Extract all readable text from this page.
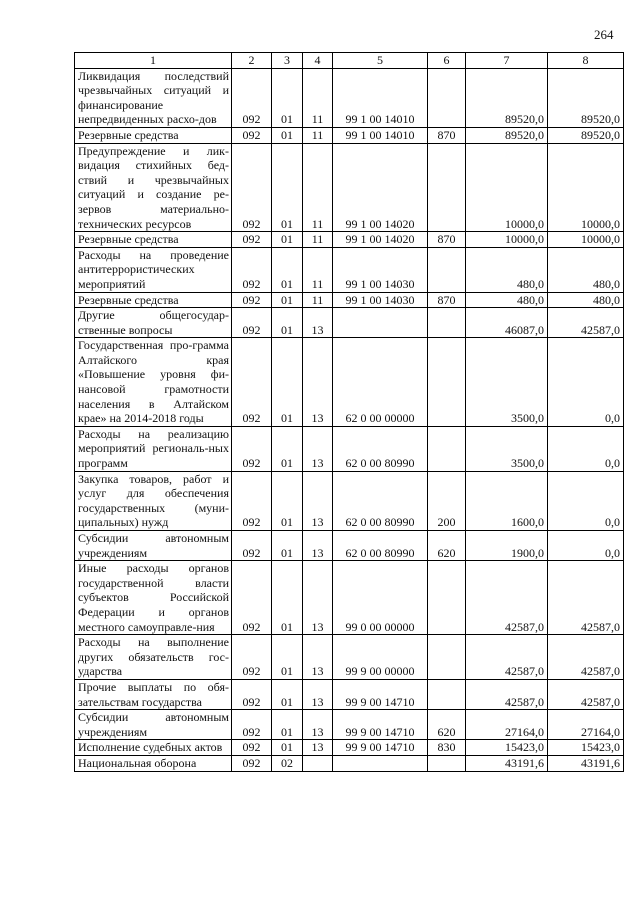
264
1	2	3	4	5	6	7	8
Ликвидация последствий чрезвычайных ситуаций и финансирование непредвиденных расхо-дов	092	01	11	99 1 00 14010		89520,0	89520,0
Резервные средства	092	01	11	99 1 00 14010	870	89520,0	89520,0
Предупреждение и лик-видация стихийных бед-ствий и чрезвычайных ситуаций и создание ре-зервов материально-технических ресурсов	092	01	11	99 1 00 14020		10000,0	10000,0
Резервные средства	092	01	11	99 1 00 14020	870	10000,0	10000,0
Расходы на проведение антитеррористических мероприятий	092	01	11	99 1 00 14030		480,0	480,0
Резервные средства	092	01	11	99 1 00 14030	870	480,0	480,0
Другие общегосудар-ственные вопросы	092	01	13			46087,0	42587,0
Государственная про-грамма Алтайского края «Повышение уровня фи-нансовой грамотности населения в Алтайском крае» на 2014-2018 годы	092	01	13	62 0 00 00000		3500,0	0,0
Расходы на реализацию мероприятий региональ-ных программ	092	01	13	62 0 00 80990		3500,0	0,0
Закупка товаров, работ и услуг для обеспечения государственных (муни-ципальных) нужд	092	01	13	62 0 00 80990	200	1600,0	0,0
Субсидии автономным учреждениям	092	01	13	62 0 00 80990	620	1900,0	0,0
Иные расходы органов государственной власти субъектов Российской Федерации и органов местного самоуправле-ния	092	01	13	99 0 00 00000		42587,0	42587,0
Расходы на выполнение других обязательств гос-ударства	092	01	13	99 9 00 00000		42587,0	42587,0
Прочие выплаты по обя-зательствам государства	092	01	13	99 9 00 14710		42587,0	42587,0
Субсидии автономным учреждениям	092	01	13	99 9 00 14710	620	27164,0	27164,0
Исполнение судебных актов	092	01	13	99 9 00 14710	830	15423,0	15423,0
Национальная оборона	092	02				43191,6	43191,6
